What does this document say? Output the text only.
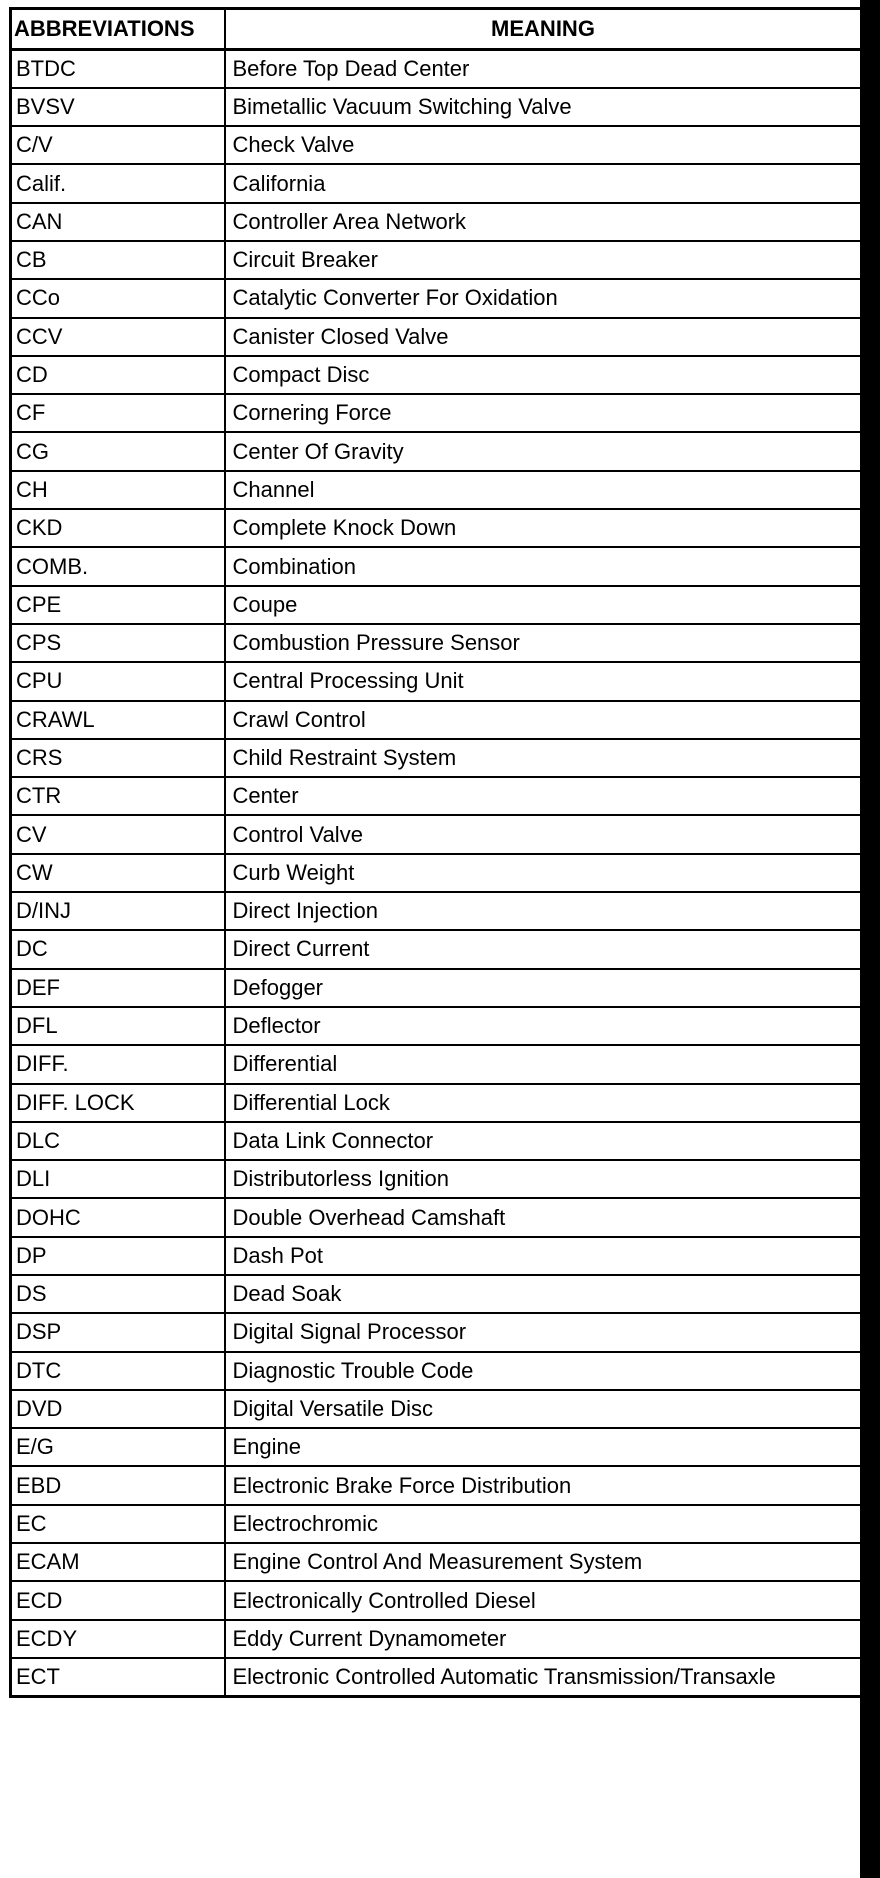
ABBREVIATIONS	MEANING
BTDC	Before Top Dead Center
BVSV	Bimetallic Vacuum Switching Valve
C/V	Check Valve
Calif.	California
CAN	Controller Area Network
CB	Circuit Breaker
CCo	Catalytic Converter For Oxidation
CCV	Canister Closed Valve
CD	Compact Disc
CF	Cornering Force
CG	Center Of Gravity
CH	Channel
CKD	Complete Knock Down
COMB.	Combination
CPE	Coupe
CPS	Combustion Pressure Sensor
CPU	Central Processing Unit
CRAWL	Crawl Control
CRS	Child Restraint System
CTR	Center
CV	Control Valve
CW	Curb Weight
D/INJ	Direct Injection
DC	Direct Current
DEF	Defogger
DFL	Deflector
DIFF.	Differential
DIFF. LOCK	Differential Lock
DLC	Data Link Connector
DLI	Distributorless Ignition
DOHC	Double Overhead Camshaft
DP	Dash Pot
DS	Dead Soak
DSP	Digital Signal Processor
DTC	Diagnostic Trouble Code
DVD	Digital Versatile Disc
E/G	Engine
EBD	Electronic Brake Force Distribution
EC	Electrochromic
ECAM	Engine Control And Measurement System
ECD	Electronically Controlled Diesel
ECDY	Eddy Current Dynamometer
ECT	Electronic Controlled Automatic Transmission/Transaxle
